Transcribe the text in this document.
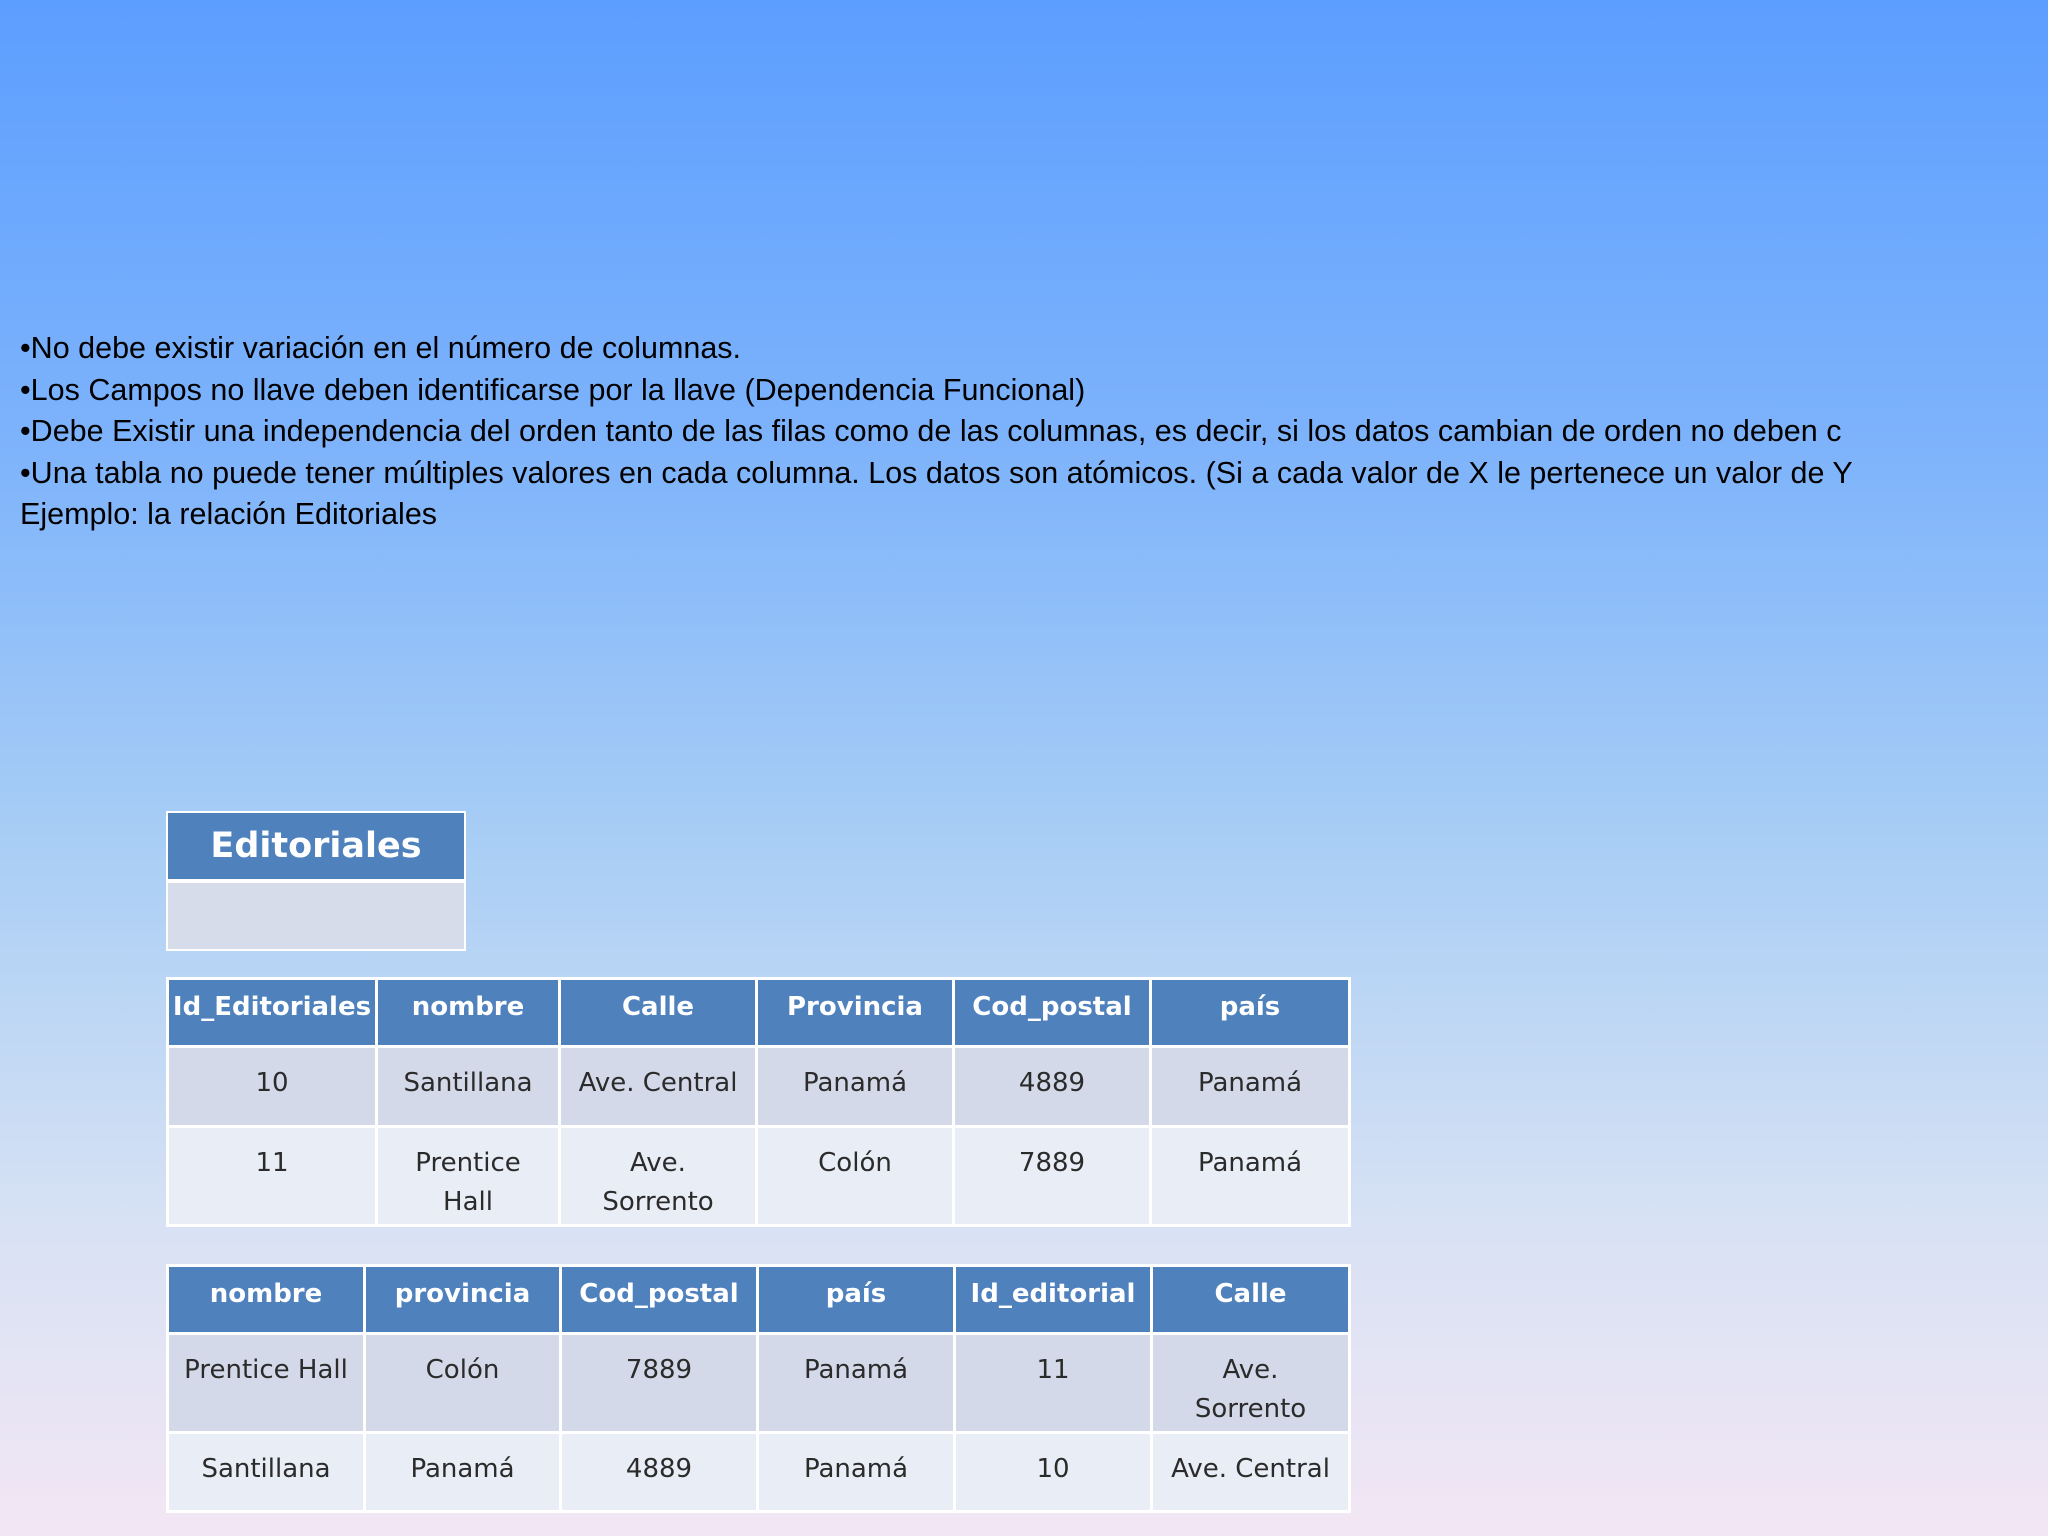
•No debe existir variación en el número de columnas.
•Los Campos no llave deben identificarse por la llave (Dependencia Funcional)
•Debe Existir una independencia del orden tanto de las filas como de las columnas, es decir, si los datos cambian de orden no deben c
•Una tabla no puede tener múltiples valores en cada columna. Los datos son atómicos. (Si a cada valor de X le pertenece un valor de Y
Ejemplo: la relación Editoriales
Editoriales
Id_Editoriales	nombre	Calle	Provincia	Cod_postal	país
10	Santillana	Ave. Central	Panamá	4889	Panamá
11	Prentice Hall	Ave. Sorrento	Colón	7889	Panamá
nombre	provincia	Cod_postal	país	Id_editorial	Calle
Prentice Hall	Colón	7889	Panamá	11	Ave. Sorrento
Santillana	Panamá	4889	Panamá	10	Ave. Central
